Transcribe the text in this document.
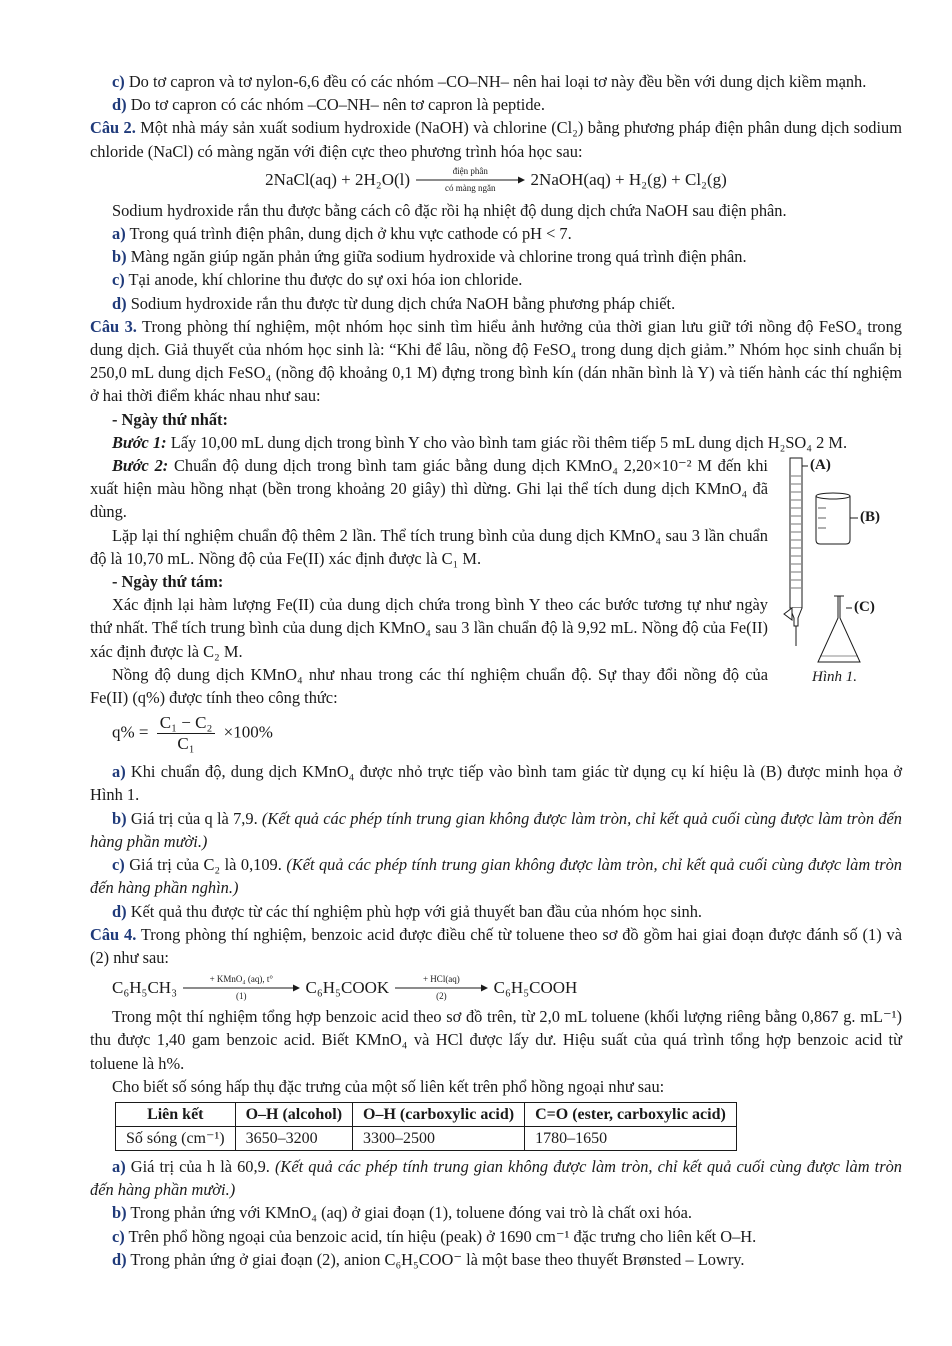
c) Do tơ capron và tơ nylon-6,6 đều có các nhóm –CO–NH– nên hai loại tơ này đều bền với dung dịch kiềm mạnh.

d) Do tơ capron có các nhóm –CO–NH– nên tơ capron là peptide.

Câu 2. Một nhà máy sản xuất sodium hydroxide (NaOH) và chlorine (Cl₂) bằng phương pháp điện phân dung dịch sodium chloride (NaCl) có màng ngăn với điện cực theo phương trình hóa học sau:

2NaCl(aq) + 2H₂O(l)	điện phân
có màng ngăn	2NaOH(aq) + H₂(g) + Cl₂(g)

Sodium hydroxide rắn thu được bằng cách cô đặc rồi hạ nhiệt độ dung dịch chứa NaOH sau điện phân.

a) Trong quá trình điện phân, dung dịch ở khu vực cathode có pH < 7.

b) Màng ngăn giúp ngăn phản ứng giữa sodium hydroxide và chlorine trong quá trình điện phân.

c) Tại anode, khí chlorine thu được do sự oxi hóa ion chloride.

d) Sodium hydroxide rắn thu được từ dung dịch chứa NaOH bằng phương pháp chiết.

Câu 3. Trong phòng thí nghiệm, một nhóm học sinh tìm hiểu ảnh hưởng của thời gian lưu giữ tới nồng độ FeSO₄ trong dung dịch. Giả thuyết của nhóm học sinh là: “Khi để lâu, nồng độ FeSO₄ trong dung dịch giảm.” Nhóm học sinh chuẩn bị 250,0 mL dung dịch FeSO₄ (nồng độ khoảng 0,1 M) đựng trong bình kín (dán nhãn bình là Y) và tiến hành các thí nghiệm ở hai thời điểm khác nhau như sau:

- Ngày thứ nhất:

Bước 1: Lấy 10,00 mL dung dịch trong bình Y cho vào bình tam giác rồi thêm tiếp 5 mL dung dịch H₂SO₄ 2 M.

(A)
(B)
(C)
Hình 1.

Bước 2: Chuẩn độ dung dịch trong bình tam giác bằng dung dịch KMnO₄ 2,20×10⁻² M đến khi xuất hiện màu hồng nhạt (bền trong khoảng 20 giây) thì dừng. Ghi lại thể tích dung dịch KMnO₄ đã dùng.

Lặp lại thí nghiệm chuẩn độ thêm 2 lần. Thể tích trung bình của dung dịch KMnO₄ sau 3 lần chuẩn độ là 10,70 mL. Nồng độ của Fe(II) xác định được là C₁ M.

- Ngày thứ tám:

Xác định lại hàm lượng Fe(II) của dung dịch chứa trong bình Y theo các bước tương tự như ngày thứ nhất. Thể tích trung bình của dung dịch KMnO₄ sau 3 lần chuẩn độ là 9,92 mL. Nồng độ của Fe(II) xác định được là C₂ M.

Nồng độ dung dịch KMnO₄ như nhau trong các thí nghiệm chuẩn độ. Sự thay đổi nồng độ của Fe(II) (q%) được tính theo công thức:

$q\% = \frac{\text{C₁ − C₂}}{\text{C₁}} \times 100\%$

a) Khi chuẩn độ, dung dịch KMnO₄ được nhỏ trực tiếp vào bình tam giác từ dụng cụ kí hiệu là (B) được minh họa ở Hình 1.

b) Giá trị của q là 7,9. (Kết quả các phép tính trung gian không được làm tròn, chỉ kết quả cuối cùng được làm tròn đến hàng phần mười.)

c) Giá trị của C₂ là 0,109. (Kết quả các phép tính trung gian không được làm tròn, chỉ kết quả cuối cùng được làm tròn đến hàng phần nghìn.)

d) Kết quả thu được từ các thí nghiệm phù hợp với giả thuyết ban đầu của nhóm học sinh.

Câu 4. Trong phòng thí nghiệm, benzoic acid được điều chế từ toluene theo sơ đồ gồm hai giai đoạn được đánh số (1) và (2) như sau:

C₆H₅CH₃	+ KMnO₄ (aq), t°
(1)	C₆H₅COOK	+ HCl(aq)
(2)	C₆H₅COOH

Trong một thí nghiệm tổng hợp benzoic acid theo sơ đồ trên, từ 2,0 mL toluene (khối lượng riêng bằng 0,867 g. mL⁻¹) thu được 1,40 gam benzoic acid. Biết KMnO₄ và HCl được lấy dư. Hiệu suất của quá trình tổng hợp benzoic acid từ toluene là h%.

Cho biết số sóng hấp thụ đặc trưng của một số liên kết trên phổ hồng ngoại như sau:

Liên kết	O–H (alcohol)	O–H (carboxylic acid)	C=O (ester, carboxylic acid)
Số sóng (cm⁻¹)	3650–3200	3300–2500	1780–1650

a) Giá trị của h là 60,9. (Kết quả các phép tính trung gian không được làm tròn, chỉ kết quả cuối cùng được làm tròn đến hàng phần mười.)

b) Trong phản ứng với KMnO₄ (aq) ở giai đoạn (1), toluene đóng vai trò là chất oxi hóa.

c) Trên phổ hồng ngoại của benzoic acid, tín hiệu (peak) ở 1690 cm⁻¹ đặc trưng cho liên kết O–H.

d) Trong phản ứng ở giai đoạn (2), anion C₆H₅COO⁻ là một base theo thuyết Brønsted – Lowry.
